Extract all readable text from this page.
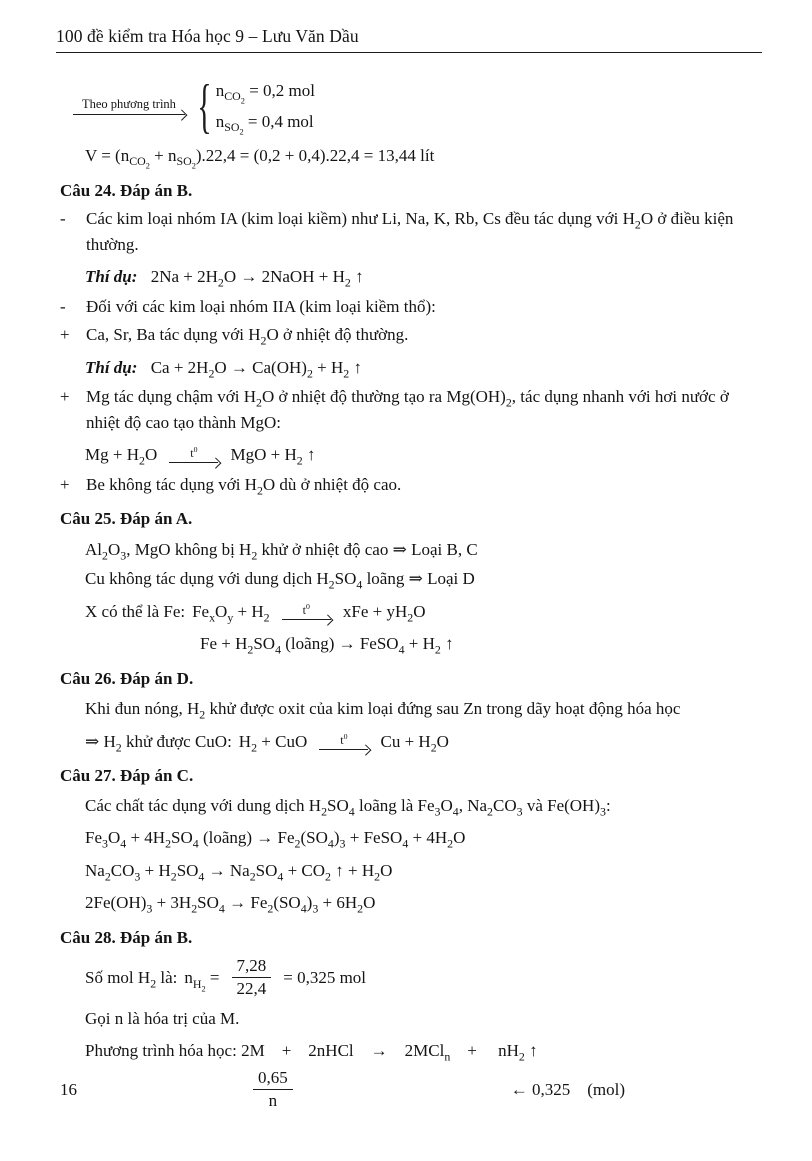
100 đề kiểm tra Hóa học 9 – Lưu Văn Dầu
Theo phương trình { $n_{CO_2} = 0,2$ mol
$n_{SO_2} = 0,4$ mol
$V = (n_{CO_2} + n_{SO_2}).22,4 = (0,2 + 0,4).22,4 = 13,44$ lít
Câu 24. Đáp án B.
-	Các kim loại nhóm IA (kim loại kiềm) như Li, Na, K, Rb, Cs đều tác dụng với $H_2O$ ở điều kiện thường.
Thí dụ: $2Na + 2H_2O$ → 2NaOH + $H_2$ ↑
-	Đối với các kim loại nhóm IIA (kim loại kiềm thổ):
+ Ca, Sr, Ba tác dụng với $H_2O$ ở nhiệt độ thường.
Thí dụ: $Ca + 2H_2O \to Ca(OH)_2 + H_2$ ↑
+ Mg tác dụng chậm với $H_2O$ ở nhiệt độ thường tạo ra $Mg(OH)_2$, tác dụng nhanh với hơi nước ở nhiệt độ cao tạo thành MgO:
$Mg + H_2O$	$t^0$	MgO + $H_2$ ↑
+ Be không tác dụng với $H_2O$ dù ở nhiệt độ cao.
Câu 25. Đáp án A.
$Al_2O_3$, MgO không bị $H_2$ khử ở nhiệt độ cao ⇒ Loại B, C
Cu không tác dụng với dung dịch $H_2SO_4$ loãng ⇒ Loại D
X có thể là Fe: $Fe_xO_y + H_2$
$t^0$	xFe + $yH_2O$
$Fe + H_2SO_4$ (loãng) → FeSO$_4$ + $H_2$ ↑
Câu 26. Đáp án D.
Khi đun nóng, $H_2$ khử được oxit của kim loại đứng sau Zn trong dãy hoạt động hóa học
⇒ $H_2$ khử được CuO: $H_2$ + CuO	$t^0$	$Cu + H_2O$
Câu 27. Đáp án C.
Các chất tác dụng với dung dịch $H_2SO_4$ loãng là $Fe_3O_4$, $Na_2CO_3$ và $Fe(OH)_3$:
$Fe_3O_4 + 4H_2SO_4$ (loãng) → $Fe_2(SO_4)_3$ + FeSO$_4$ + $4H_2O$
$Na_2CO_3 + H_2SO_4 \to Na_2SO_4 + CO_2$ ↑ + $H_2O$
$2Fe(OH)_3 + 3H_2SO_4 \to Fe_2(SO_4)_3 + 6H_2O$
Câu 28. Đáp án B.
Số mol $H_2$ là: $n_{H_2} = \frac{7,28}{22,4} = 0,325$ mol
Gọi n là hóa trị của M.
Phương trình hóa học: 2M    +    2nHCl    →    2MCl$_n$    +     $nH_2$ ↑
$\frac{0,65}{n}$	← 0,325    (mol)
16
